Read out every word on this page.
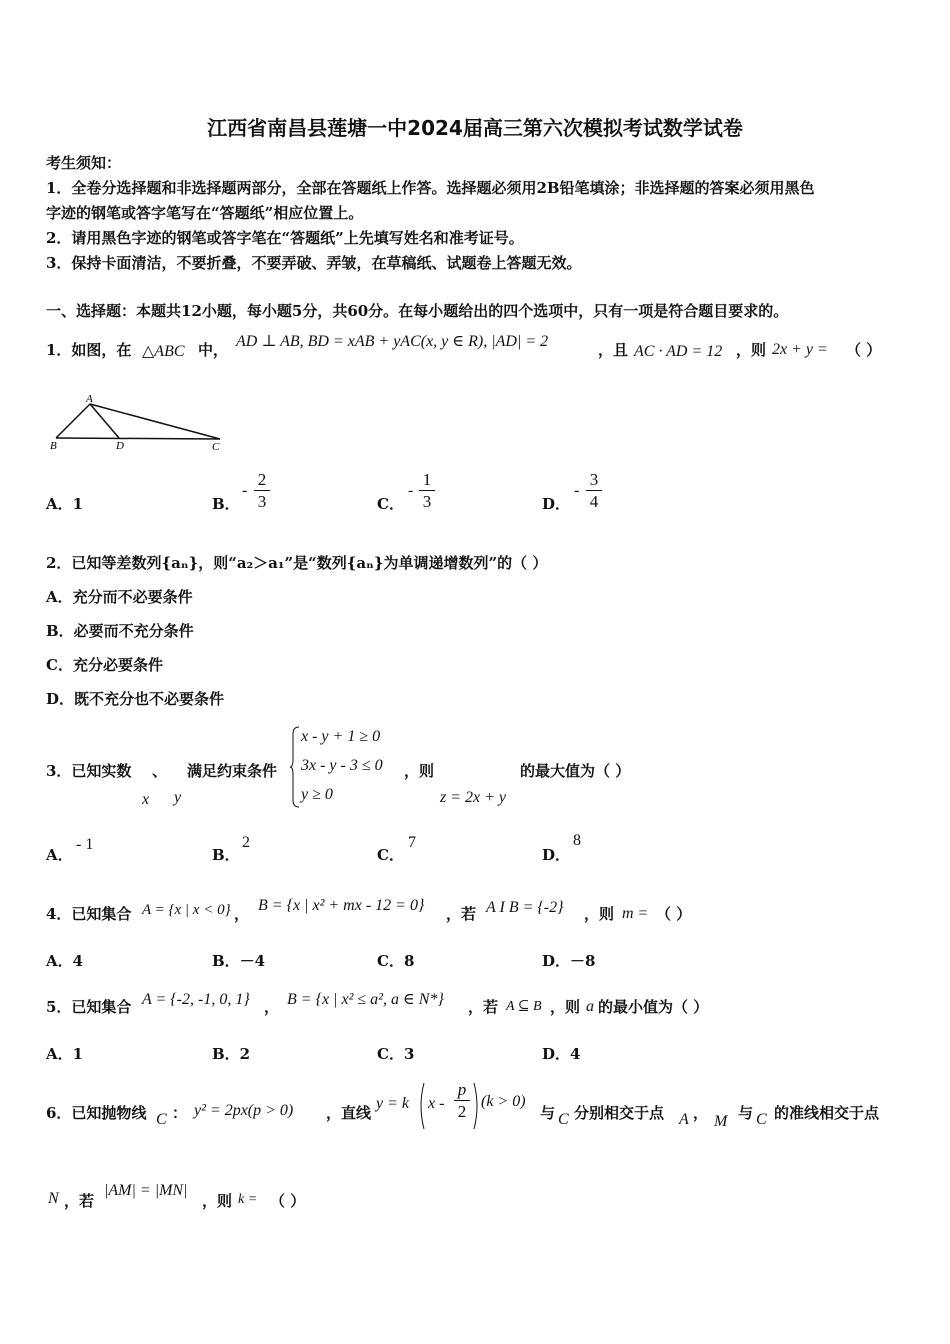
江西省南昌县莲塘一中2024届高三第六次模拟考试数学试卷
考生须知：
1．全卷分选择题和非选择题两部分，全部在答题纸上作答。选择题必须用2B铅笔填涂；非选择题的答案必须用黑色
字迹的钢笔或答字笔写在“答题纸”相应位置上。
2．请用黑色字迹的钢笔或答字笔在“答题纸”上先填写姓名和准考证号。
3．保持卡面清洁，不要折叠，不要弄破、弄皱，在草稿纸、试题卷上答题无效。
一、选择题：本题共12小题，每小题5分，共60分。在每小题给出的四个选项中，只有一项是符合题目要求的。
1．如图，在 △ABC 中， AD ⊥ AB, BD = xAB + yAC(x, y ∈ R), |AD| = 2	，且 AC · AD = 12 ，则 2x + y = （ ）
A
B	D	C
A．1	B．
- $\frac{2}{3}$	C．
- $\frac{1}{3}$	D．
- $\frac{3}{4}$
2．已知等差数列{aₙ}，则“a₂＞a₁”是“数列{aₙ}为单调递增数列”的（ ）
A．充分而不必要条件
B．必要而不充分条件
C．充分必要条件
D．既不充分也不必要条件
3．已知实数 、 满足约束条件
x y
x - y + 1 ≥ 0
3x - y - 3 ≤ 0
y ≥ 0
，则
z = 2x + y
的最大值为（ ）
A．
- 1
B．
2
C．
7
D．
8
4．已知集合 A = {x | x < 0} ， B = {x | x² + mx - 12 = 0} ，若 A I B = {-2} ，则 m = （ ）
A．4	B．－4	C．8	D．－8
5．已知集合 A = {-2, -1, 0, 1} ， B = {x | x² ≤ a², a ∈ N*} ，若 A ⊆ B ，则 a 的最小值为（ ）
A．1	B．2	C．3	D．4
6．已知抛物线 C ： y² = 2px(p > 0) ，直线
y = k $x - \frac{p}{2} (k > 0)$
与 C 分别相交于点 A ， M 与 C 的准线相交于点
N ，若
|AM| = |MN|
，则 k = （ ）
